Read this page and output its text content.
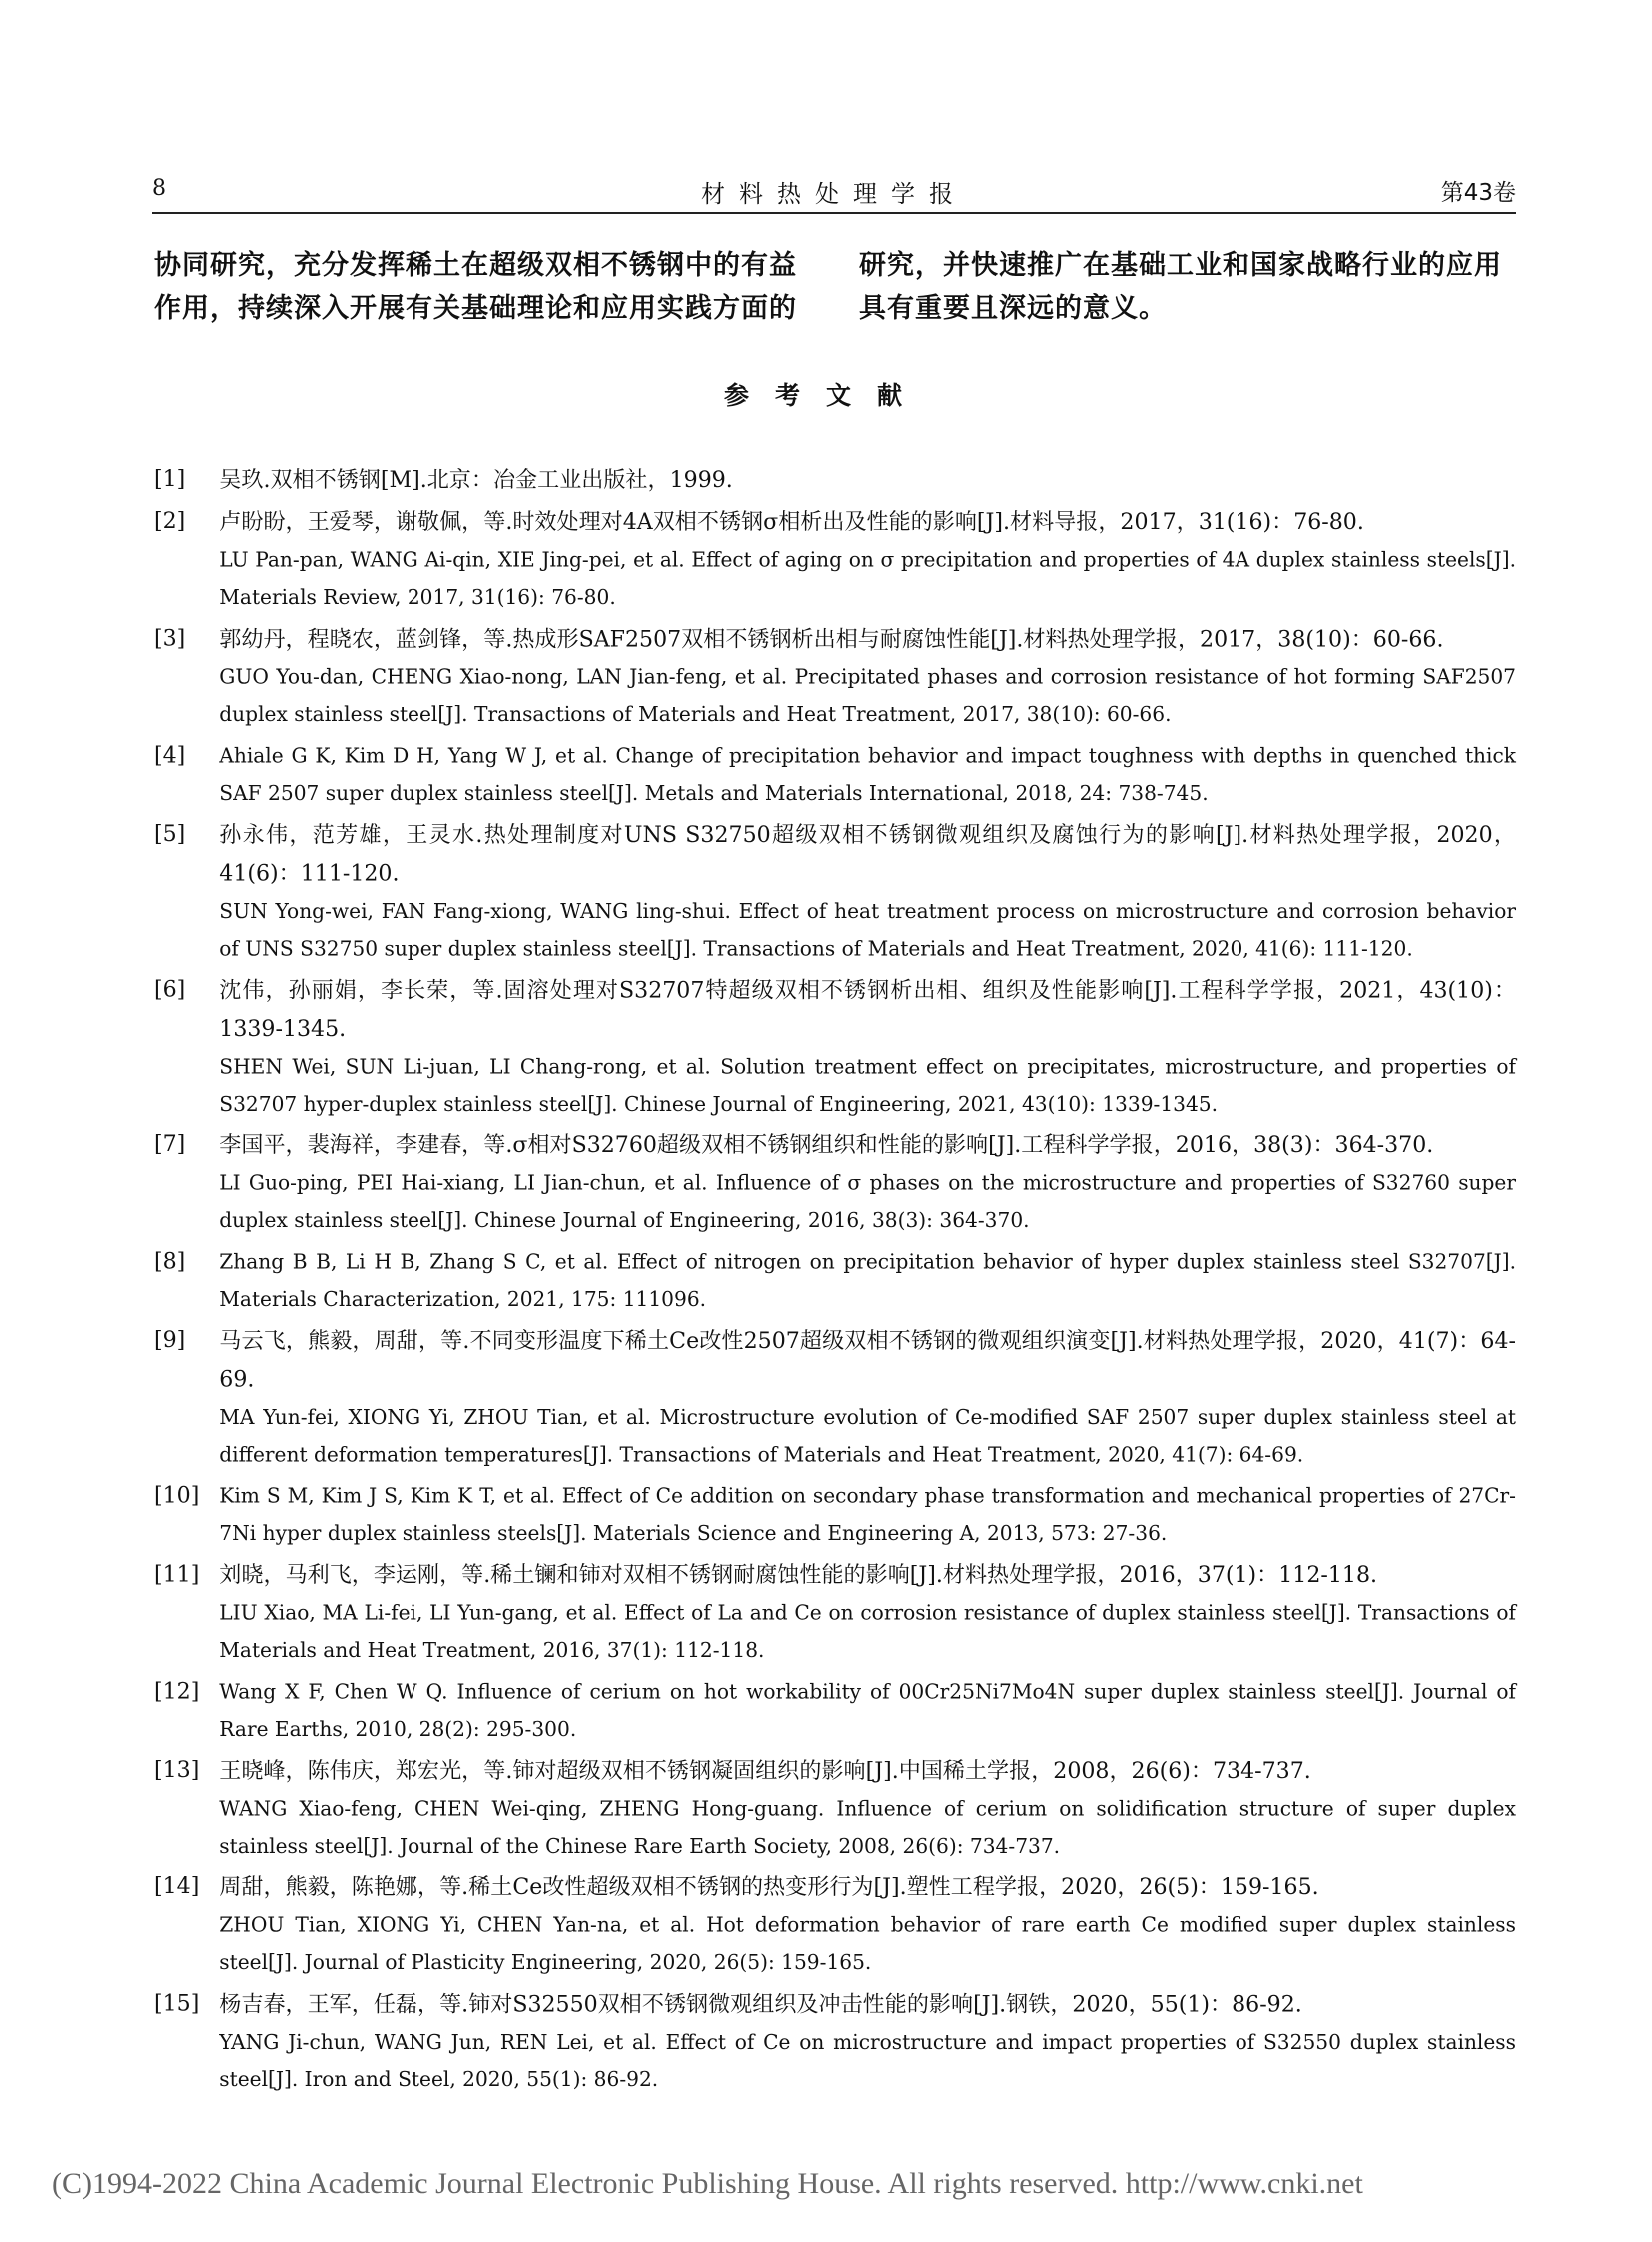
8	材料热处理学报	第43卷
协同研究，充分发挥稀土在超级双相不锈钢中的有益作用，持续深入开展有关基础理论和应用实践方面的
研究，并快速推广在基础工业和国家战略行业的应用具有重要且深远的意义。
参考文献
[1] 吴玖.双相不锈钢[M].北京：冶金工业出版社，1999.
[2] 卢盼盼，王爱琴，谢敬佩，等.时效处理对4A双相不锈钢σ相析出及性能的影响[J].材料导报，2017，31(16)：76-80.
LU Pan-pan, WANG Ai-qin, XIE Jing-pei, et al. Effect of aging on σ precipitation and properties of 4A duplex stainless steels[J]. Materials Review, 2017, 31(16): 76-80.
[3] 郭幼丹，程晓农，蓝剑锋，等.热成形SAF2507双相不锈钢析出相与耐腐蚀性能[J].材料热处理学报，2017，38(10)：60-66.
GUO You-dan, CHENG Xiao-nong, LAN Jian-feng, et al. Precipitated phases and corrosion resistance of hot forming SAF2507 duplex stainless steel[J]. Transactions of Materials and Heat Treatment, 2017, 38(10): 60-66.
[4] Ahiale G K, Kim D H, Yang W J, et al. Change of precipitation behavior and impact toughness with depths in quenched thick SAF 2507 super duplex stainless steel[J]. Metals and Materials International, 2018, 24: 738-745.
[5] 孙永伟，范芳雄，王灵水.热处理制度对UNS S32750超级双相不锈钢微观组织及腐蚀行为的影响[J].材料热处理学报，2020，41(6)：111-120.
SUN Yong-wei, FAN Fang-xiong, WANG ling-shui. Effect of heat treatment process on microstructure and corrosion behavior of UNS S32750 super duplex stainless steel[J]. Transactions of Materials and Heat Treatment, 2020, 41(6): 111-120.
[6] 沈伟，孙丽娟，李长荣，等.固溶处理对S32707特超级双相不锈钢析出相、组织及性能影响[J].工程科学学报，2021，43(10)：1339-1345.
SHEN Wei, SUN Li-juan, LI Chang-rong, et al. Solution treatment effect on precipitates, microstructure, and properties of S32707 hyper-duplex stainless steel[J]. Chinese Journal of Engineering, 2021, 43(10): 1339-1345.
[7] 李国平，裴海祥，李建春，等.σ相对S32760超级双相不锈钢组织和性能的影响[J].工程科学学报，2016，38(3)：364-370.
LI Guo-ping, PEI Hai-xiang, LI Jian-chun, et al. Influence of σ phases on the microstructure and properties of S32760 super duplex stainless steel[J]. Chinese Journal of Engineering, 2016, 38(3): 364-370.
[8] Zhang B B, Li H B, Zhang S C, et al. Effect of nitrogen on precipitation behavior of hyper duplex stainless steel S32707[J]. Materials Characterization, 2021, 175: 111096.
[9] 马云飞，熊毅，周甜，等.不同变形温度下稀土Ce改性2507超级双相不锈钢的微观组织演变[J].材料热处理学报，2020，41(7)：64-69.
MA Yun-fei, XIONG Yi, ZHOU Tian, et al. Microstructure evolution of Ce-modified SAF 2507 super duplex stainless steel at different deformation temperatures[J]. Transactions of Materials and Heat Treatment, 2020, 41(7): 64-69.
[10] Kim S M, Kim J S, Kim K T, et al. Effect of Ce addition on secondary phase transformation and mechanical properties of 27Cr-7Ni hyper duplex stainless steels[J]. Materials Science and Engineering A, 2013, 573: 27-36.
[11] 刘晓，马利飞，李运刚，等.稀土镧和铈对双相不锈钢耐腐蚀性能的影响[J].材料热处理学报，2016，37(1)：112-118.
LIU Xiao, MA Li-fei, LI Yun-gang, et al. Effect of La and Ce on corrosion resistance of duplex stainless steel[J]. Transactions of Materials and Heat Treatment, 2016, 37(1): 112-118.
[12] Wang X F, Chen W Q. Influence of cerium on hot workability of 00Cr25Ni7Mo4N super duplex stainless steel[J]. Journal of Rare Earths, 2010, 28(2): 295-300.
[13] 王晓峰，陈伟庆，郑宏光，等.铈对超级双相不锈钢凝固组织的影响[J].中国稀土学报，2008，26(6)：734-737.
WANG Xiao-feng, CHEN Wei-qing, ZHENG Hong-guang. Influence of cerium on solidification structure of super duplex stainless steel[J]. Journal of the Chinese Rare Earth Society, 2008, 26(6): 734-737.
[14] 周甜，熊毅，陈艳娜，等.稀土Ce改性超级双相不锈钢的热变形行为[J].塑性工程学报，2020，26(5)：159-165.
ZHOU Tian, XIONG Yi, CHEN Yan-na, et al. Hot deformation behavior of rare earth Ce modified super duplex stainless steel[J]. Journal of Plasticity Engineering, 2020, 26(5): 159-165.
[15] 杨吉春，王军，任磊，等.铈对S32550双相不锈钢微观组织及冲击性能的影响[J].钢铁，2020，55(1)：86-92.
YANG Ji-chun, WANG Jun, REN Lei, et al. Effect of Ce on microstructure and impact properties of S32550 duplex stainless steel[J]. Iron and Steel, 2020, 55(1): 86-92.
(C)1994-2022 China Academic Journal Electronic Publishing House. All rights reserved. http://www.cnki.net
